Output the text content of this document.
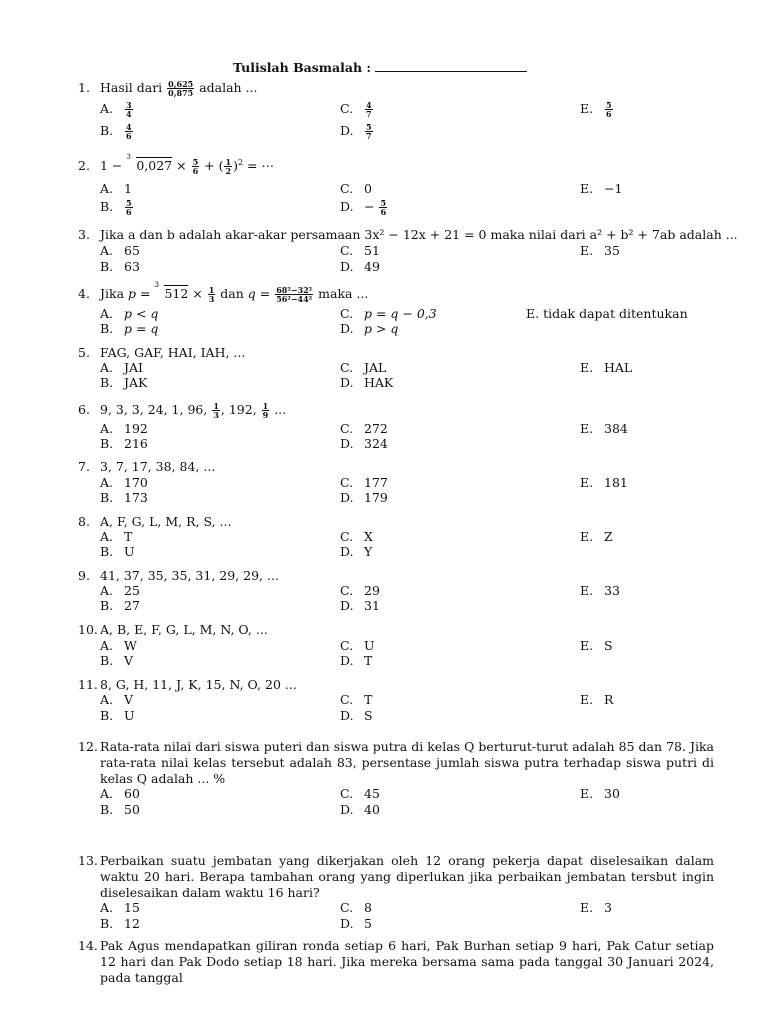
Tulislah Basmalah :
1. Hasil dari $\frac{0,625}{0,875}$ adalah ...
A. $\frac{3}{4}$
B. $\frac{4}{6}$
C. $\frac{4}{7}$
D. $\frac{5}{7}$
E. $\frac{5}{6}$
2. 1 −
3
$0,027 \times \frac{5}{6}$ + ( $\frac{1}{2} )^2$ = ⋯
A. 1
B. $\frac{5}{6}$
C. 0
D. − $\frac{5}{6}$
E. −1
3. Jika a dan b adalah akar-akar persamaan 3x² − 12x + 21 = 0 maka nilai dari a² + b² + 7ab adalah ...
A. 65
B. 63
C. 51
D. 49
E. 35
4. Jika p =
3
$512 \times \frac{1}{3}$ dan $q = \frac{\text{68²−32²}}{\text{56²−44²}}$ maka ...
A. p < q
B. p = q
C. p = q − 0,3
D. p > q
E. tidak dapat ditentukan
5. FAG, GAF, HAI, IAH, ...
A. JAI
B. JAK
C. JAL
D. HAK
E. HAL
6. 9, 3, 3, 24, 1, 96, $\frac{1}{3}$ , 192, $\frac{1}{9}$ ...
A. 192
B. 216
C. 272
D. 324
E. 384
7. 3, 7, 17, 38, 84, ...
A. 170
B. 173
C. 177
D. 179
E. 181
8. A, F, G, L, M, R, S, ...
A. T
B. U
C. X
D. Y
E. Z
9. 41, 37, 35, 35, 31, 29, 29, ...
A. 25
B. 27
C. 29
D. 31
E. 33
10. A, B, E, F, G, L, M, N, O, ...
A. W
B. V
C. U
D. T
E. S
11. 8, G, H, 11, J, K, 15, N, O, 20 ...
A. V
B. U
C. T
D. S
E. R
12. Rata-rata nilai dari siswa puteri dan siswa putra di kelas Q berturut-turut adalah 85 dan 78. Jika rata-rata nilai kelas tersebut adalah 83, persentase jumlah siswa putra terhadap siswa putri di kelas Q adalah ... %
A. 60
B. 50
C. 45
D. 40
E. 30
13. Perbaikan suatu jembatan yang dikerjakan oleh 12 orang pekerja dapat diselesaikan dalam waktu 20 hari. Berapa tambahan orang yang diperlukan jika perbaikan jembatan tersbut ingin diselesaikan dalam waktu 16 hari?
A. 15
B. 12
C. 8
D. 5
E. 3
14. Pak Agus mendapatkan giliran ronda setiap 6 hari, Pak Burhan setiap 9 hari, Pak Catur setiap 12 hari dan Pak Dodo setiap 18 hari. Jika mereka bersama sama pada tanggal 30 Januari 2024, pada tanggal
